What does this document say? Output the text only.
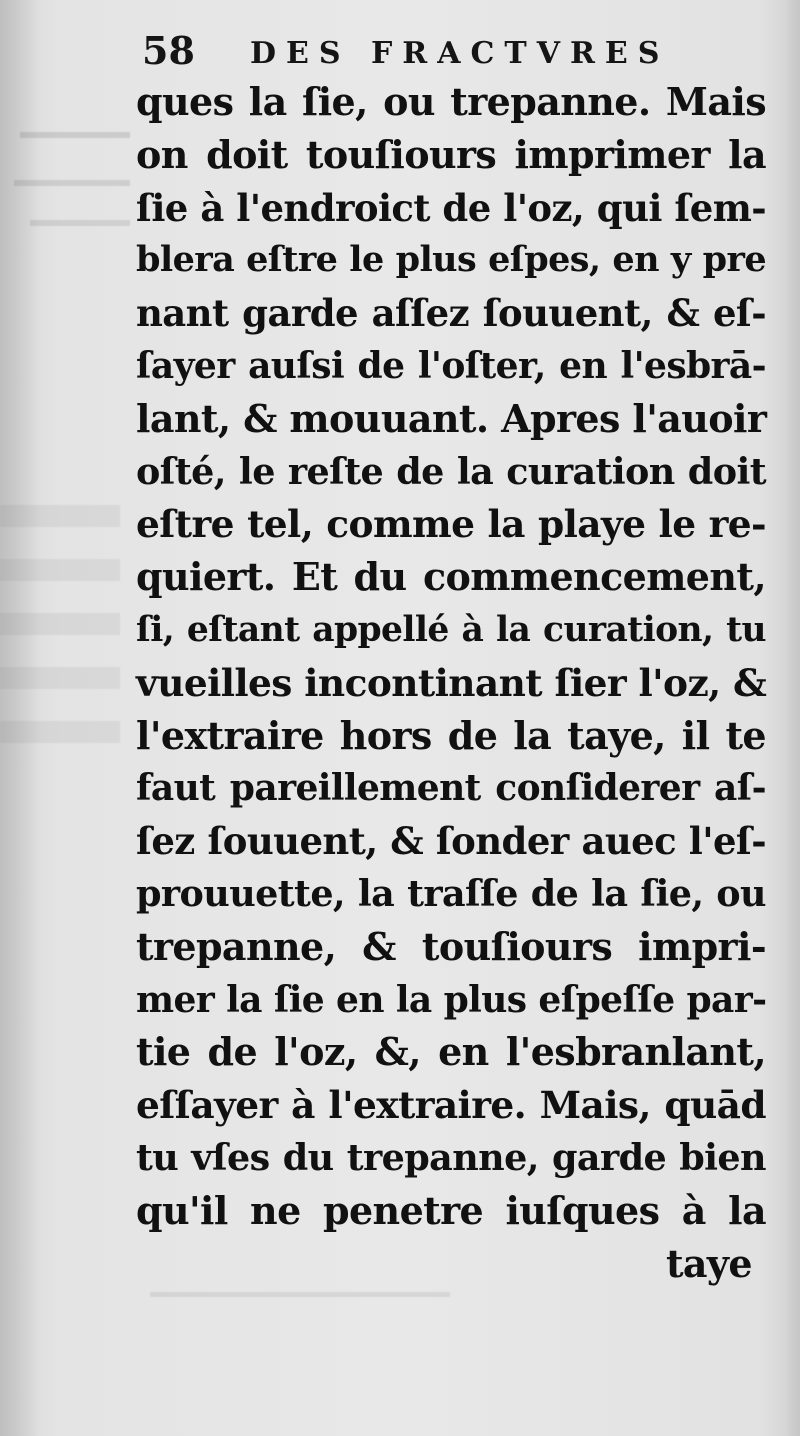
58 DES FRACTVRES
ques la ſie, ou trepanne. Mais
on doit touſiours imprimer la
ſie à l'endroict de l'oz, qui ſem-
blera eſtre le plus eſpes, en y pre
nant garde aſſez ſouuent, & eſ-
ſayer auſsi de l'oſter, en l'esbrā-
lant, & mouuant. Apres l'auoir
oſté, le reſte de la curation doit
eſtre tel, comme la playe le re-
quiert. Et du commencement,
ſi, eſtant appellé à la curation, tu
vueilles incontinant ſier l'oz, &
l'extraire hors de la taye, il te
faut pareillement conſiderer aſ-
ſez ſouuent, & ſonder auec l'eſ-
prouuette, la traſſe de la ſie, ou
trepanne, & touſiours impri-
mer la ſie en la plus eſpeſſe par-
tie de l'oz, &, en l'esbranlant,
eſſayer à l'extraire. Mais, quād
tu vſes du trepanne, garde bien
qu'il ne penetre iuſques à la
taye
